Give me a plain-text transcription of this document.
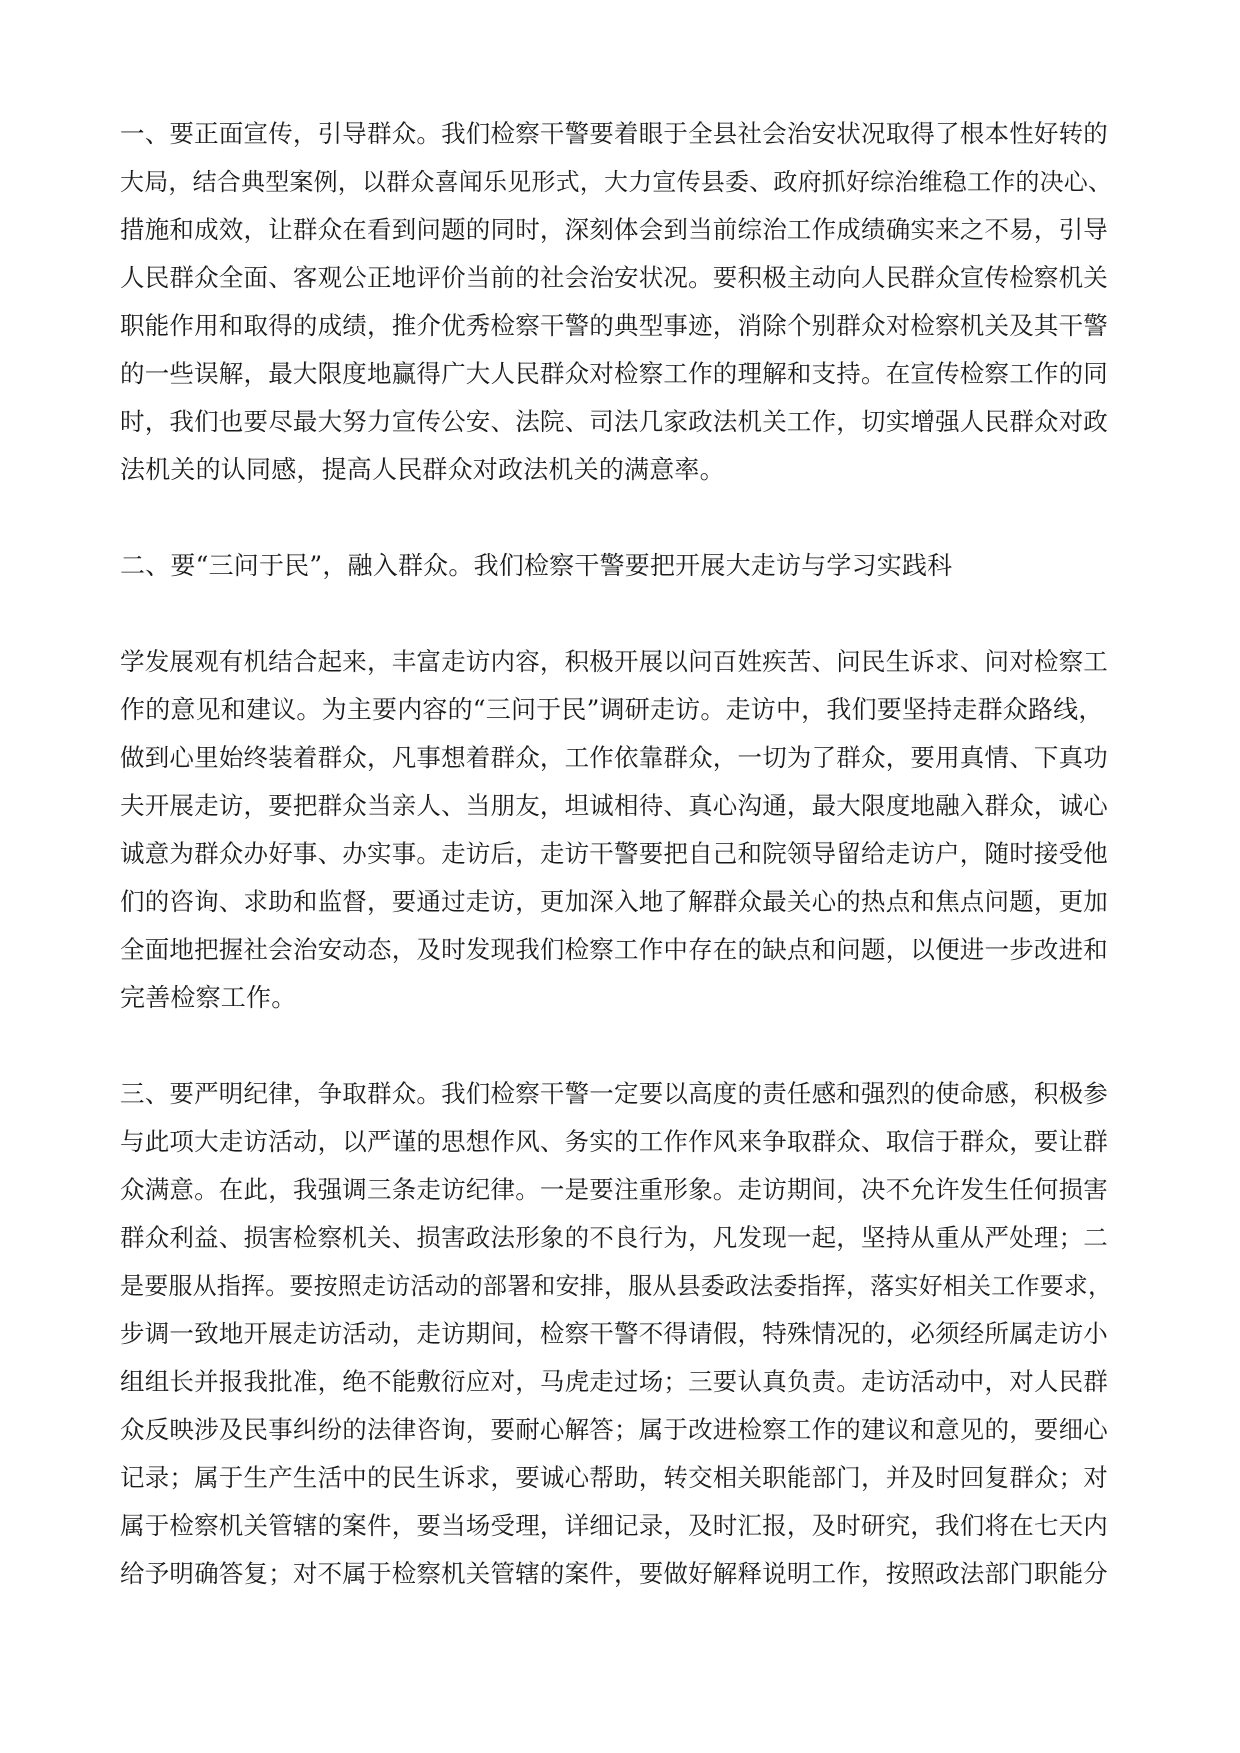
一、要正面宣传，引导群众。我们检察干警要着眼于全县社会治安状况取得了根本性好转的
大局，结合典型案例，以群众喜闻乐见形式，大力宣传县委、政府抓好综治维稳工作的决心、
措施和成效，让群众在看到问题的同时，深刻体会到当前综治工作成绩确实来之不易，引导
人民群众全面、客观公正地评价当前的社会治安状况。要积极主动向人民群众宣传检察机关
职能作用和取得的成绩，推介优秀检察干警的典型事迹，消除个别群众对检察机关及其干警
的一些误解，最大限度地赢得广大人民群众对检察工作的理解和支持。在宣传检察工作的同
时，我们也要尽最大努力宣传公安、法院、司法几家政法机关工作，切实增强人民群众对政
法机关的认同感，提高人民群众对政法机关的满意率。
二、要“三问于民”，融入群众。我们检察干警要把开展大走访与学习实践科
学发展观有机结合起来，丰富走访内容，积极开展以问百姓疾苦、问民生诉求、问对检察工
作的意见和建议。为主要内容的“三问于民”调研走访。走访中，我们要坚持走群众路线，
做到心里始终装着群众，凡事想着群众，工作依靠群众，一切为了群众，要用真情、下真功
夫开展走访，要把群众当亲人、当朋友，坦诚相待、真心沟通，最大限度地融入群众，诚心
诚意为群众办好事、办实事。走访后，走访干警要把自己和院领导留给走访户，随时接受他
们的咨询、求助和监督，要通过走访，更加深入地了解群众最关心的热点和焦点问题，更加
全面地把握社会治安动态，及时发现我们检察工作中存在的缺点和问题，以便进一步改进和
完善检察工作。
三、要严明纪律，争取群众。我们检察干警一定要以高度的责任感和强烈的使命感，积极参
与此项大走访活动，以严谨的思想作风、务实的工作作风来争取群众、取信于群众，要让群
众满意。在此，我强调三条走访纪律。一是要注重形象。走访期间，决不允许发生任何损害
群众利益、损害检察机关、损害政法形象的不良行为，凡发现一起，坚持从重从严处理；二
是要服从指挥。要按照走访活动的部署和安排，服从县委政法委指挥，落实好相关工作要求，
步调一致地开展走访活动，走访期间，检察干警不得请假，特殊情况的，必须经所属走访小
组组长并报我批准，绝不能敷衍应对，马虎走过场；三要认真负责。走访活动中，对人民群
众反映涉及民事纠纷的法律咨询，要耐心解答；属于改进检察工作的建议和意见的，要细心
记录；属于生产生活中的民生诉求，要诚心帮助，转交相关职能部门，并及时回复群众；对
属于检察机关管辖的案件，要当场受理，详细记录，及时汇报，及时研究，我们将在七天内
给予明确答复；对不属于检察机关管辖的案件，要做好解释说明工作，按照政法部门职能分
